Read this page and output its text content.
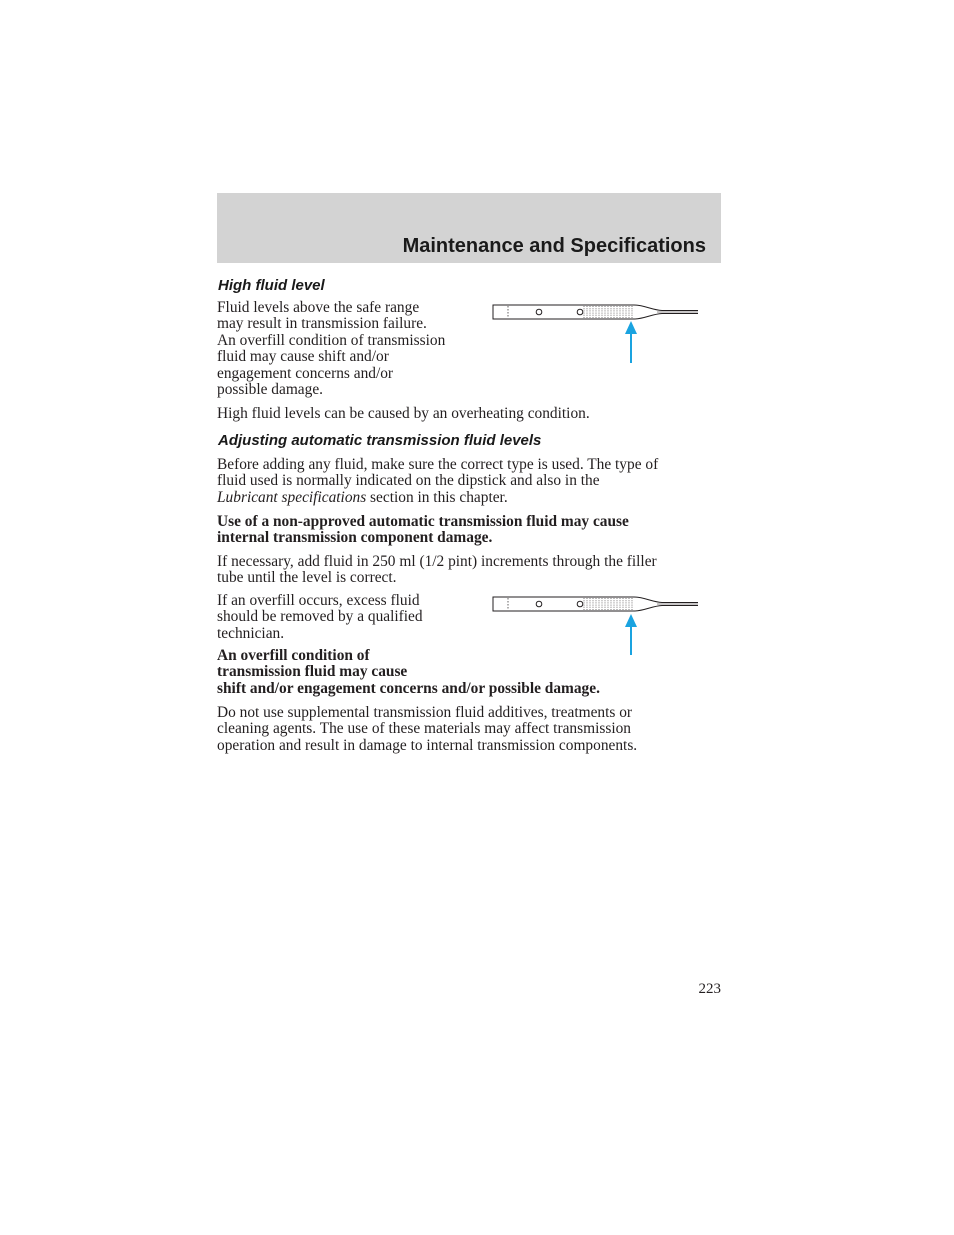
Maintenance and Specifications
High fluid level
Fluid levels above the safe range
may result in transmission failure.
An overfill condition of transmission
fluid may cause shift and/or
engagement concerns and/or
possible damage.
High fluid levels can be caused by an overheating condition.
Adjusting automatic transmission fluid levels
Before adding any fluid, make sure the correct type is used. The type of
fluid used is normally indicated on the dipstick and also in the
Lubricant specifications section in this chapter.
Use of a non-approved automatic transmission fluid may cause
internal transmission component damage.
If necessary, add fluid in 250 ml (1/2 pint) increments through the filler
tube until the level is correct.
If an overfill occurs, excess fluid
should be removed by a qualified
technician.
An overfill condition of
transmission fluid may cause
shift and/or engagement concerns and/or possible damage.
Do not use supplemental transmission fluid additives, treatments or
cleaning agents. The use of these materials may affect transmission
operation and result in damage to internal transmission components.
223
